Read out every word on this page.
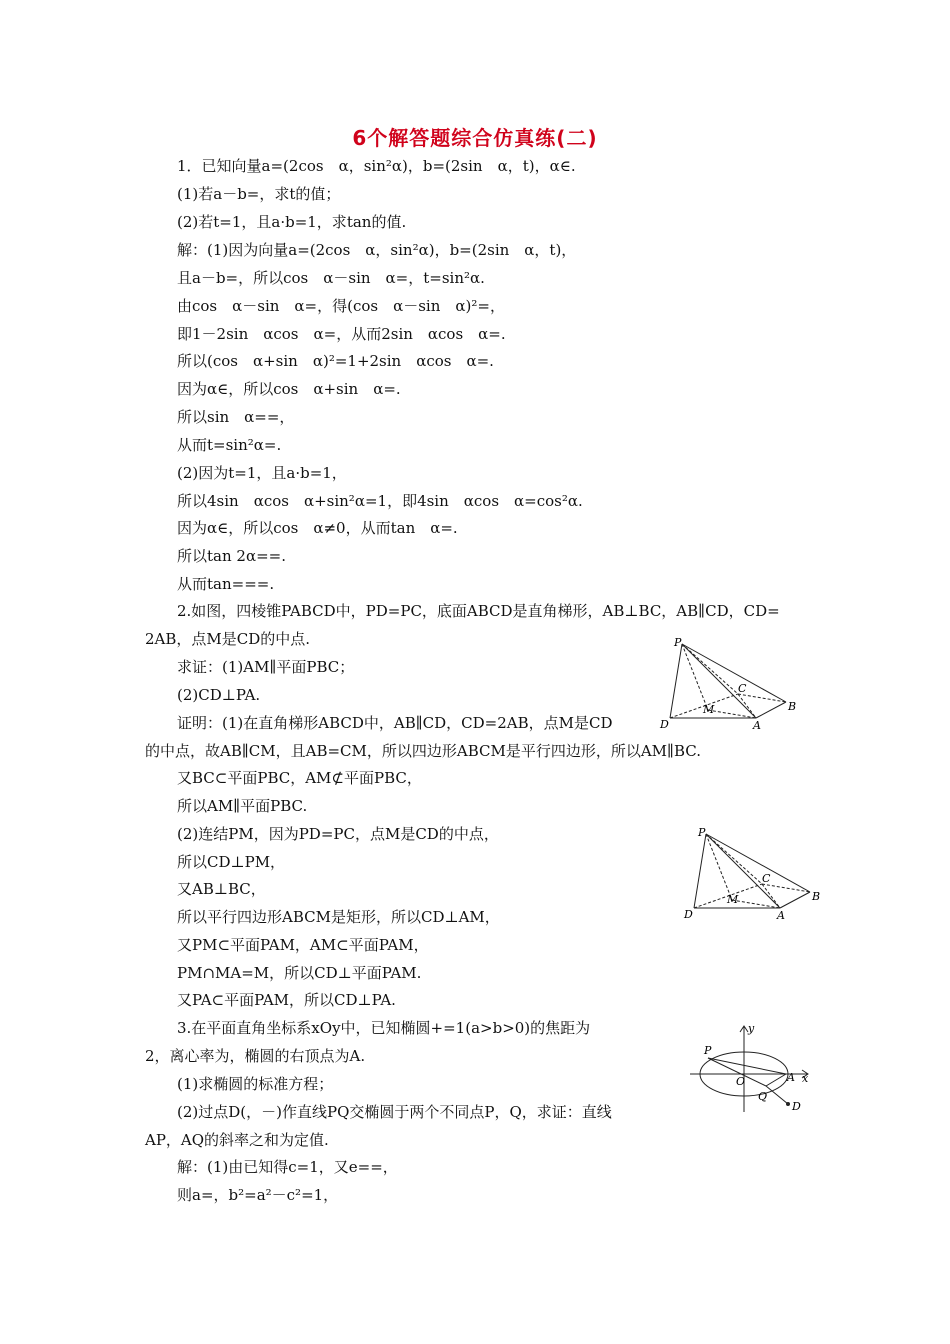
6个解答题综合仿真练(二)
1．已知向量a=(2cos　α，sin²α)，b=(2sin　α，t)，α∈.
(1)若a－b=，求t的值；
(2)若t=1，且a·b=1，求tan的值.
解：(1)因为向量a=(2cos　α，sin²α)，b=(2sin　α，t)，
且a－b=，所以cos　α－sin　α=，t=sin²α.
由cos　α－sin　α=，得(cos　α－sin　α)²=，
即1－2sin　αcos　α=，从而2sin　αcos　α=.
所以(cos　α+sin　α)²=1+2sin　αcos　α=.
因为α∈，所以cos　α+sin　α=.
所以sin　α==，
从而t=sin²α=.
(2)因为t=1，且a·b=1，
所以4sin　αcos　α+sin²α=1，即4sin　αcos　α=cos²α.
因为α∈，所以cos　α≠0，从而tan　α=.
所以tan 2α==.
从而tan===.
2.如图，四棱锥PABCD中，PD=PC，底面ABCD是直角梯形，AB⊥BC，AB∥CD，CD=
2AB，点M是CD的中点.
求证：(1)AM∥平面PBC；
(2)CD⊥PA.
证明：(1)在直角梯形ABCD中，AB∥CD，CD=2AB，点M是CD
的中点，故AB∥CM，且AB=CM，所以四边形ABCM是平行四边形，所以AM∥BC.
又BC⊂平面PBC，AM⊄平面PBC，
所以AM∥平面PBC.
(2)连结PM，因为PD=PC，点M是CD的中点，
所以CD⊥PM，
又AB⊥BC，
所以平行四边形ABCM是矩形，所以CD⊥AM，
又PM⊂平面PAM，AM⊂平面PAM，
PM∩MA=M，所以CD⊥平面PAM.
又PA⊂平面PAM，所以CD⊥PA.
3.在平面直角坐标系xOy中，已知椭圆+=1(a>b>0)的焦距为
2，离心率为，椭圆的右顶点为A.
(1)求椭圆的标准方程；
(2)过点D(，－)作直线PQ交椭圆于两个不同点P，Q，求证：直线
AP，AQ的斜率之和为定值.
解：(1)由已知得c=1，又e==，
则a=，b²=a²－c²=1，
P
D	A
B
C
M
P
D	A
B
C
M
y
x
O	A
P
Q
D
